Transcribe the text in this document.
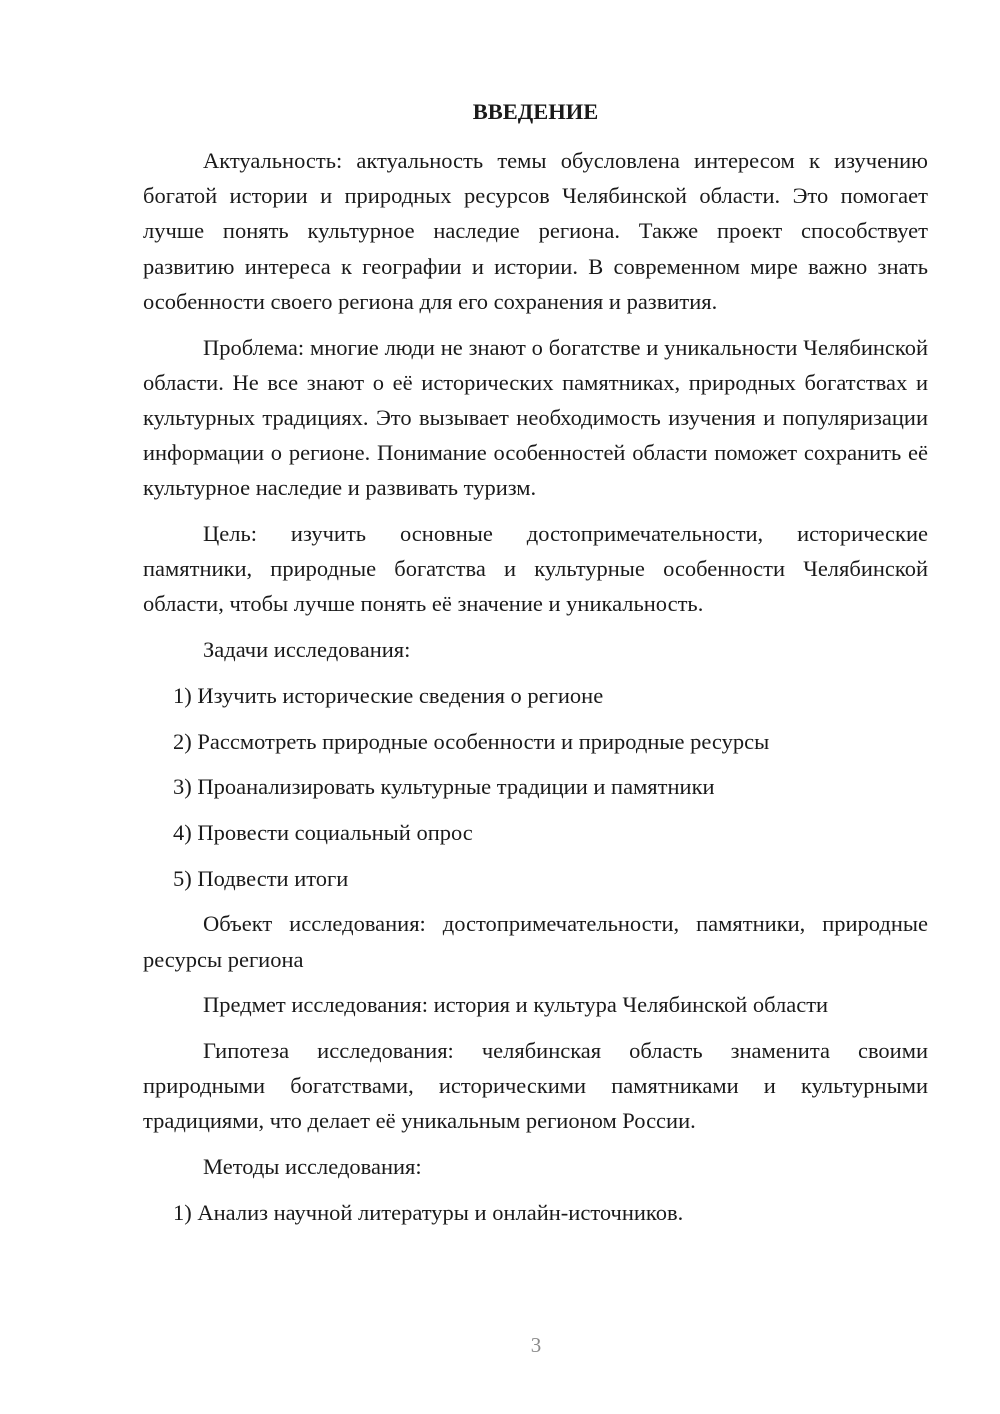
ВВЕДЕНИЕ

Актуальность: актуальность темы обусловлена интересом к изучению богатой истории и природных ресурсов Челябинской области. Это помогает лучше понять культурное наследие региона. Также проект способствует развитию интереса к географии и истории. В современном мире важно знать особенности своего региона для его сохранения и развития.

Проблема: многие люди не знают о богатстве и уникальности Челябинской области. Не все знают о её исторических памятниках, природных богатствах и культурных традициях. Это вызывает необходимость изучения и популяризации информации о регионе. Понимание особенностей области поможет сохранить её культурное наследие и развивать туризм.

Цель: изучить основные достопримечательности, исторические памятники, природные богатства и культурные особенности Челябинской области, чтобы лучше понять её значение и уникальность.

Задачи исследования:

1) Изучить исторические сведения о регионе
2) Рассмотреть природные особенности и природные ресурсы
3) Проанализировать культурные традиции и памятники
4) Провести социальный опрос
5) Подвести итоги

Объект исследования: достопримечательности, памятники, природные ресурсы региона

Предмет исследования: история и культура Челябинской области

Гипотеза исследования: челябинская область знаменита своими природными богатствами, историческими памятниками и культурными традициями, что делает её уникальным регионом России.

Методы исследования:

1) Анализ научной литературы и онлайн-источников.
3
